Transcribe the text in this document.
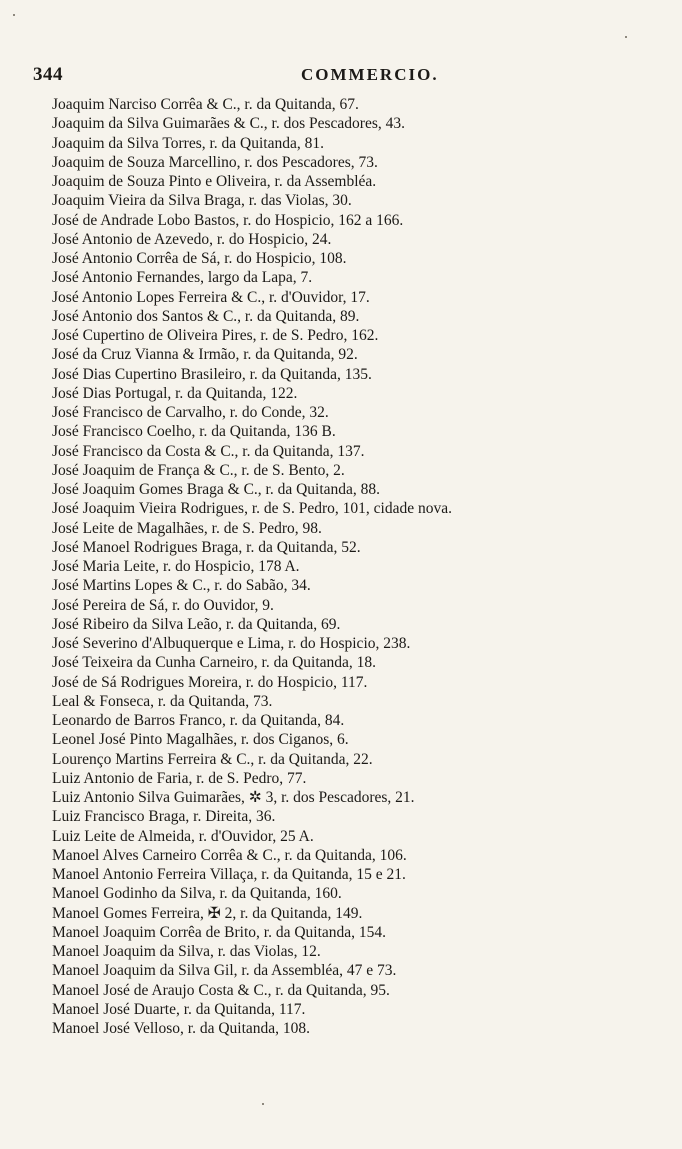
344	COMMERCIO.
Joaquim Narciso Corrêa & C., r. da Quitanda, 67.
Joaquim da Silva Guimarães & C., r. dos Pescadores, 43.
Joaquim da Silva Torres, r. da Quitanda, 81.
Joaquim de Souza Marcellino, r. dos Pescadores, 73.
Joaquim de Souza Pinto e Oliveira, r. da Assembléa.
Joaquim Vieira da Silva Braga, r. das Violas, 30.
José de Andrade Lobo Bastos, r. do Hospicio, 162 a 166.
José Antonio de Azevedo, r. do Hospicio, 24.
José Antonio Corrêa de Sá, r. do Hospicio, 108.
José Antonio Fernandes, largo da Lapa, 7.
José Antonio Lopes Ferreira & C., r. d'Ouvidor, 17.
José Antonio dos Santos & C., r. da Quitanda, 89.
José Cupertino de Oliveira Pires, r. de S. Pedro, 162.
José da Cruz Vianna & Irmão, r. da Quitanda, 92.
José Dias Cupertino Brasileiro, r. da Quitanda, 135.
José Dias Portugal, r. da Quitanda, 122.
José Francisco de Carvalho, r. do Conde, 32.
José Francisco Coelho, r. da Quitanda, 136 B.
José Francisco da Costa & C., r. da Quitanda, 137.
José Joaquim de França & C., r. de S. Bento, 2.
José Joaquim Gomes Braga & C., r. da Quitanda, 88.
José Joaquim Vieira Rodrigues, r. de S. Pedro, 101, cidade nova.
José Leite de Magalhães, r. de S. Pedro, 98.
José Manoel Rodrigues Braga, r. da Quitanda, 52.
José Maria Leite, r. do Hospicio, 178 A.
José Martins Lopes & C., r. do Sabão, 34.
José Pereira de Sá, r. do Ouvidor, 9.
José Ribeiro da Silva Leão, r. da Quitanda, 69.
José Severino d'Albuquerque e Lima, r. do Hospicio, 238.
José Teixeira da Cunha Carneiro, r. da Quitanda, 18.
José de Sá Rodrigues Moreira, r. do Hospicio, 117.
Leal & Fonseca, r. da Quitanda, 73.
Leonardo de Barros Franco, r. da Quitanda, 84.
Leonel José Pinto Magalhães, r. dos Ciganos, 6.
Lourenço Martins Ferreira & C., r. da Quitanda, 22.
Luiz Antonio de Faria, r. de S. Pedro, 77.
Luiz Antonio Silva Guimarães, ✲ 3, r. dos Pescadores, 21.
Luiz Francisco Braga, r. Direita, 36.
Luiz Leite de Almeida, r. d'Ouvidor, 25 A.
Manoel Alves Carneiro Corrêa & C., r. da Quitanda, 106.
Manoel Antonio Ferreira Villaça, r. da Quitanda, 15 e 21.
Manoel Godinho da Silva, r. da Quitanda, 160.
Manoel Gomes Ferreira, ✠ 2, r. da Quitanda, 149.
Manoel Joaquim Corrêa de Brito, r. da Quitanda, 154.
Manoel Joaquim da Silva, r. das Violas, 12.
Manoel Joaquim da Silva Gil, r. da Assembléa, 47 e 73.
Manoel José de Araujo Costa & C., r. da Quitanda, 95.
Manoel José Duarte, r. da Quitanda, 117.
Manoel José Velloso, r. da Quitanda, 108.
